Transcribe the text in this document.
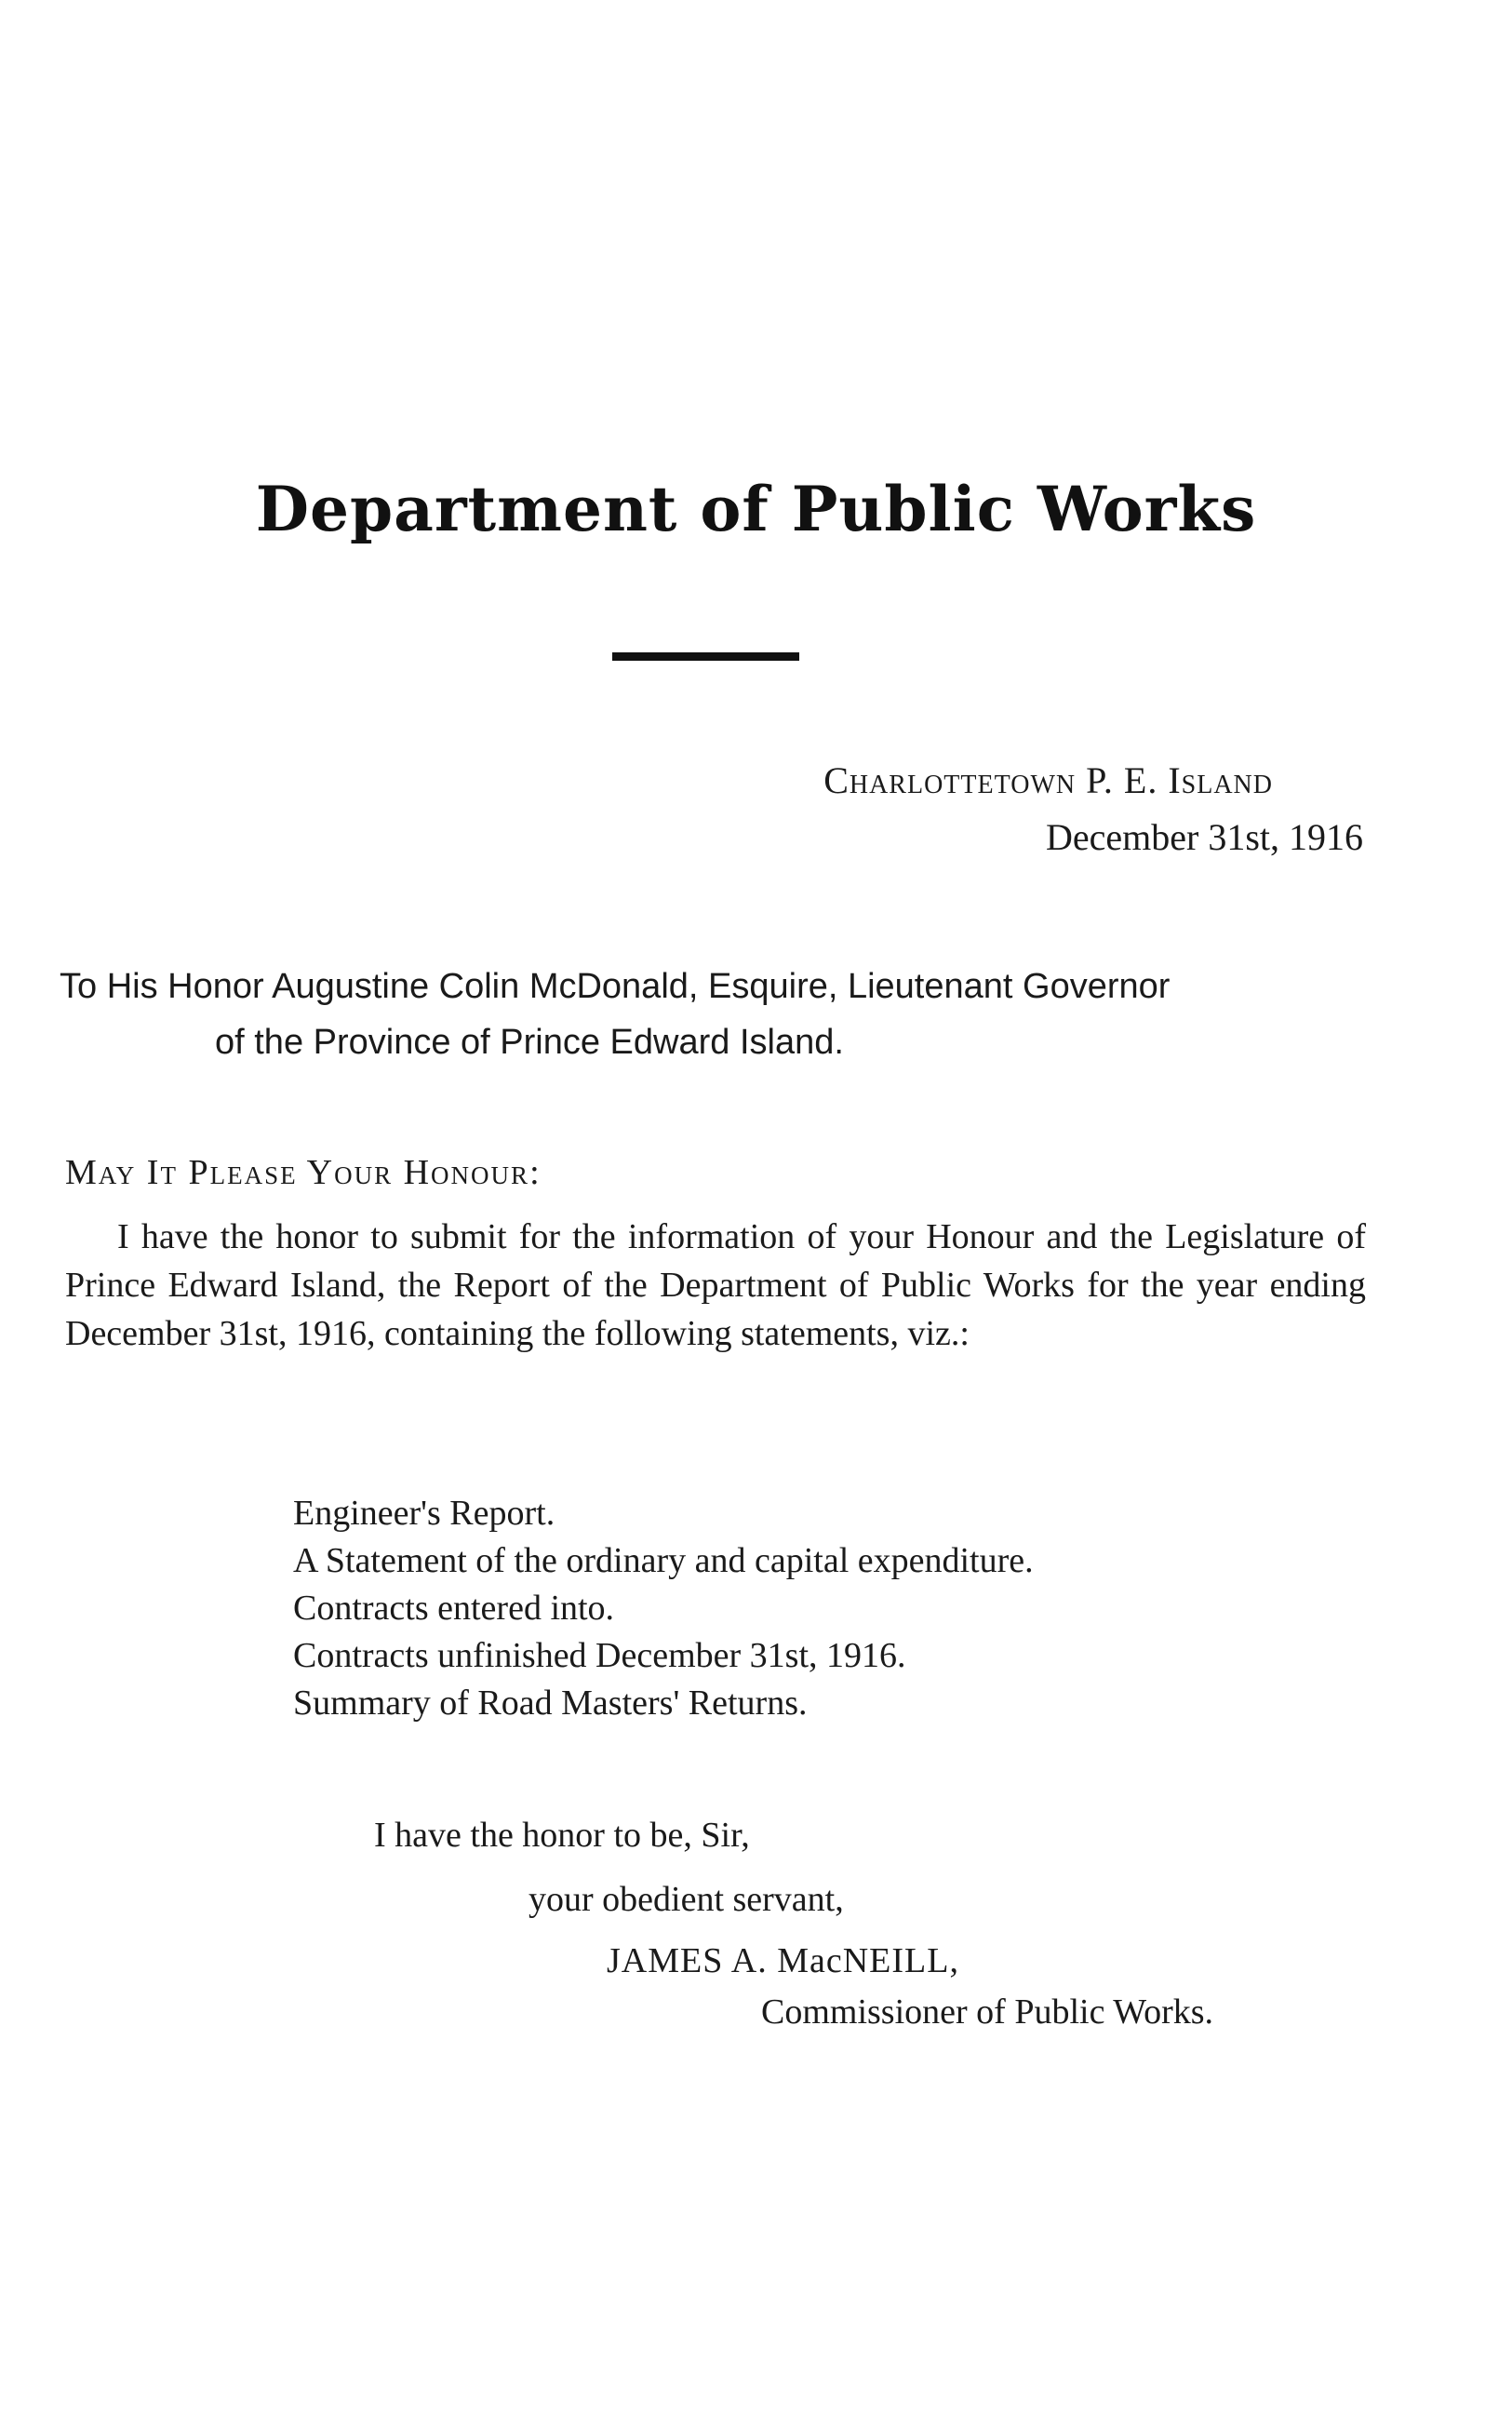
Department of Public Works
Charlottetown P. E. Island
December 31st, 1916
To His Honor Augustine Colin McDonald, Esquire, Lieutenant Governor
of the Province of Prince Edward Island.
May It Please Your Honour:
I have the honor to submit for the information of your Honour and the Legislature of Prince Edward Island, the Report of the Department of Public Works for the year ending December 31st, 1916, containing the following statements, viz.:
Engineer's Report.
A Statement of the ordinary and capital expenditure.
Contracts entered into.
Contracts unfinished December 31st, 1916.
Summary of Road Masters' Returns.
I have the honor to be, Sir,
your obedient servant,
JAMES A. MacNEILL,
Commissioner of Public Works.
